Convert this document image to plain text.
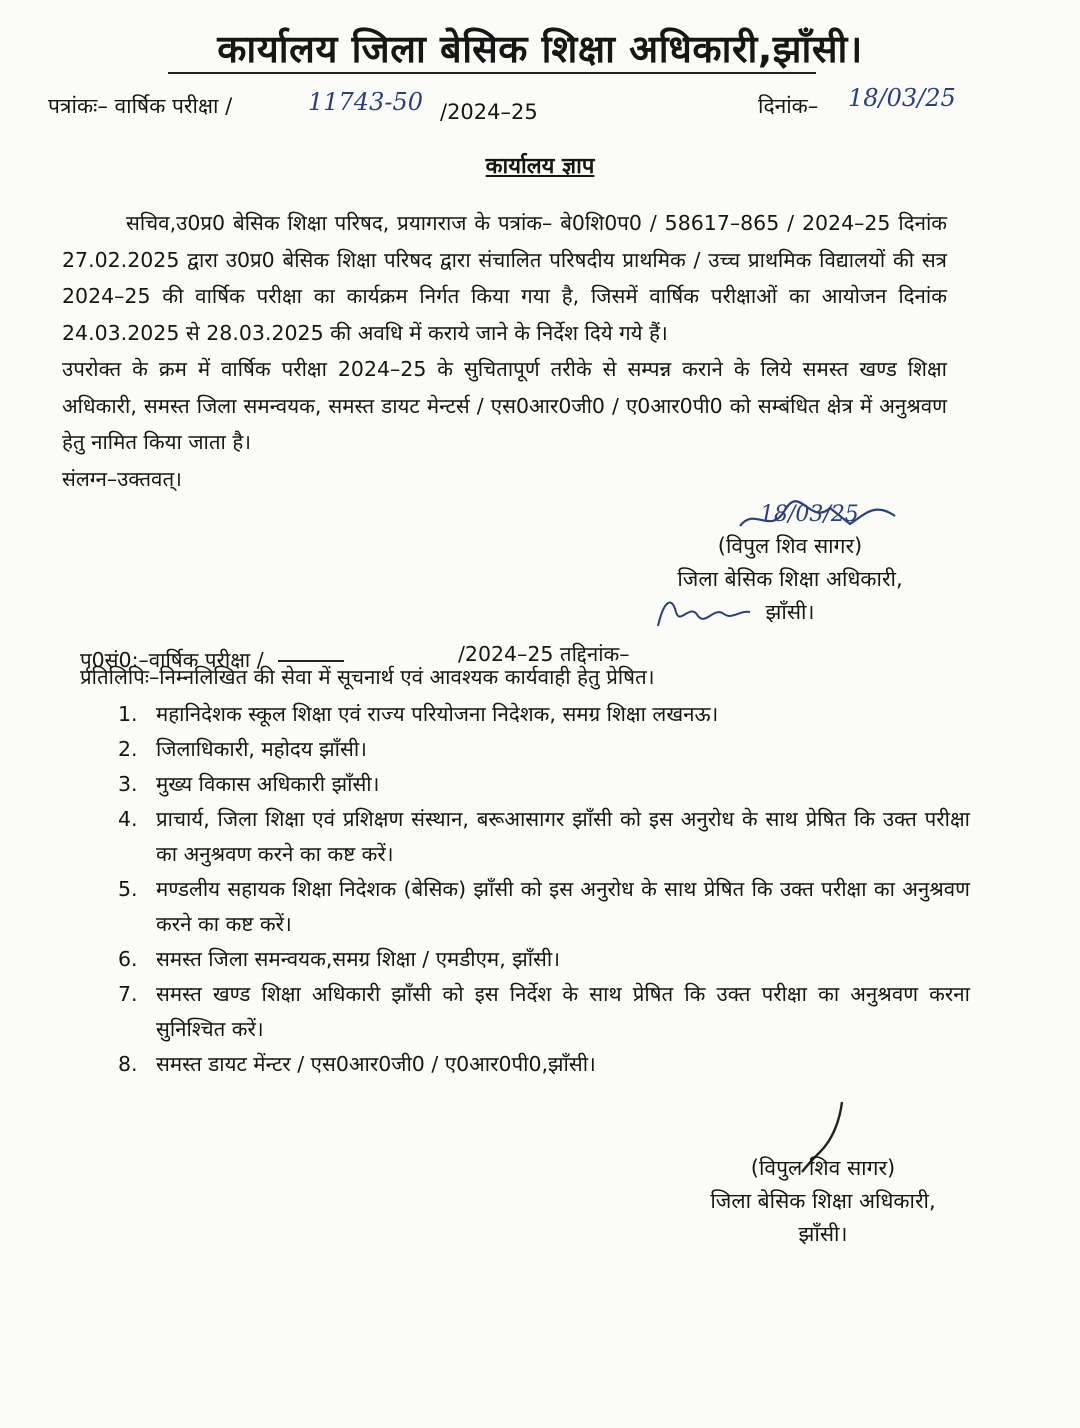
कार्यालय जिला बेसिक शिक्षा अधिकारी,झाँसी।
पत्रांकः– वार्षिक परीक्षा /	11743-50 /2024–25	दिनांक– 18/03/25
कार्यालय ज्ञाप

सचिव,उ0प्र0 बेसिक शिक्षा परिषद, प्रयागराज के पत्रांक– बे0शि0प0 / 58617–865 / 2024–25 दिनांक 27.02.2025 द्वारा उ0प्र0 बेसिक शिक्षा परिषद द्वारा संचालित परिषदीय प्राथमिक / उच्च प्राथमिक विद्यालयों की सत्र 2024–25 की वार्षिक परीक्षा का कार्यक्रम निर्गत किया गया है, जिसमें वार्षिक परीक्षाओं का आयोजन दिनांक 24.03.2025 से 28.03.2025 की अवधि में कराये जाने के निर्देश दिये गये हैं।

उपरोक्त के क्रम में वार्षिक परीक्षा 2024–25 के सुचितापूर्ण तरीके से सम्पन्न कराने के लिये समस्त खण्ड शिक्षा अधिकारी, समस्त जिला समन्वयक, समस्त डायट मेन्टर्स / एस0आर0जी0 / ए0आर0पी0 को सम्बंधित क्षेत्र में अनुश्रवण हेतु नामित किया जाता है।

संलग्न–उक्तवत्।

18/03/25
(विपुल शिव सागर)
जिला बेसिक शिक्षा अधिकारी,
झाँसी।
पृ0सं0:–वार्षिक परीक्षा /	/2024–25 तद्दिनांक–
प्रतिलिपिः–निम्नलिखित की सेवा में सूचनार्थ एवं आवश्यक कार्यवाही हेतु प्रेषित।
1. महानिदेशक स्कूल शिक्षा एवं राज्य परियोजना निदेशक, समग्र शिक्षा लखनऊ।
2. जिलाधिकारी, महोदय झाँसी।
3. मुख्य विकास अधिकारी झाँसी।
4. प्राचार्य, जिला शिक्षा एवं प्रशिक्षण संस्थान, बरूआसागर झाँसी को इस अनुरोध के साथ प्रेषित कि उक्त परीक्षा का अनुश्रवण करने का कष्ट करें।
5. मण्डलीय सहायक शिक्षा निदेशक (बेसिक) झाँसी को इस अनुरोध के साथ प्रेषित कि उक्त परीक्षा का अनुश्रवण करने का कष्ट करें।
6. समस्त जिला समन्वयक,समग्र शिक्षा / एमडीएम, झाँसी।
7. समस्त खण्ड शिक्षा अधिकारी झाँसी को इस निर्देश के साथ प्रेषित कि उक्त परीक्षा का अनुश्रवण करना सुनिश्चित करें।
8. समस्त डायट मेंन्टर / एस0आर0जी0 / ए0आर0पी0,झाँसी।
(विपुल शिव सागर)
जिला बेसिक शिक्षा अधिकारी,
झाँसी।
